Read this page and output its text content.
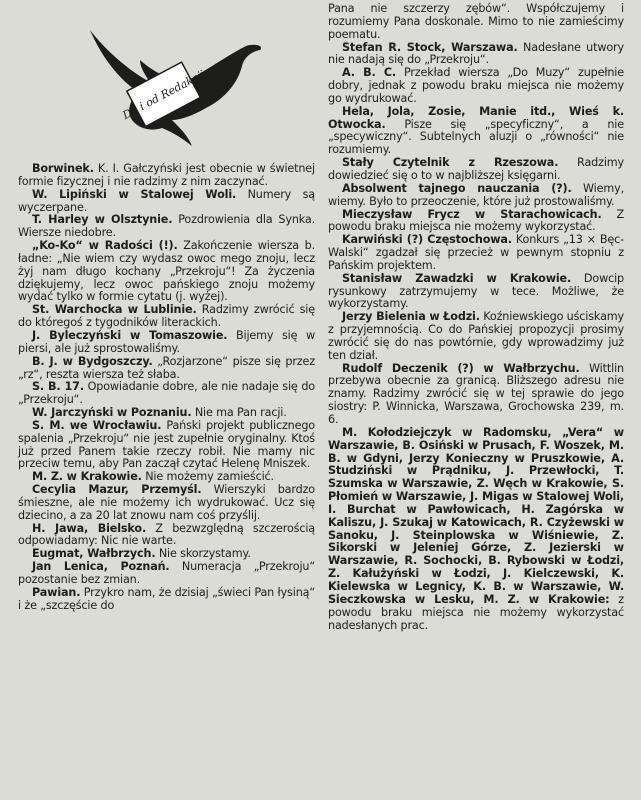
Do i od Redakcji

Borwinek. K. I. Gałczyński jest obecnie w świetnej formie fizycznej i nie radzimy z nim zaczynać.

W. Lipiński w Stalowej Woli. Numery są wyczerpane.

T. Harley w Olsztynie. Pozdrowienia dla Synka. Wiersze niedobre.

„Ko-Ko“ w Radości (!). Zakończenie wiersza b. ładne: „Nie wiem czy wydasz owoc mego znoju, lecz żyj nam długo kochany „Przekroju“! Za życzenia dziękujemy, lecz owoc pańskiego znoju możemy wydać tylko w formie cytatu (j. wyżej).

St. Warchocka w Lublinie. Radzimy zwrócić się do któregoś z tygodników literackich.

J. Byleczyński w Tomaszowie. Bijemy się w piersi, ale już sprostowaliśmy.

B. J. w Bydgoszczy. „Rozjarzone“ pisze się przez „rz“, reszta wiersza też słaba.

S. B. 17. Opowiadanie dobre, ale nie nadaje się do „Przekroju“.

W. Jarczyński w Poznaniu. Nie ma Pan racji.

S. M. we Wrocławiu. Pański projekt publicznego spalenia „Przekroju“ nie jest zupełnie oryginalny. Ktoś już przed Panem takie rzeczy robił. Nie mamy nic przeciw temu, aby Pan zaczął czytać Helenę Mniszek.

M. Z. w Krakowie. Nie możemy zamieścić.

Cecylia Mazur, Przemyśl. Wierszyki bardzo śmieszne, ale nie możemy ich wydrukować. Ucz się dziecino, a za 20 lat znowu nam coś przyślij.

H. Jawa, Bielsko. Z bezwzględną szczerością odpowiadamy: Nic nie warte.

Eugmat, Wałbrzych. Nie skorzystamy.

Jan Lenica, Poznań. Numeracja „Przekroju“ pozostanie bez zmian.

Pawian. Przykro nam, że dzisiaj „świeci Pan łysiną“ i że „szczęście do

Pana nie szczerzy zębów“. Współczujemy i rozumiemy Pana doskonale. Mimo to nie zamieścimy poematu.

Stefan R. Stock, Warszawa. Nadesłane utwory nie nadają się do „Przekroju“.

A. B. C. Przekład wiersza „Do Muzy“ zupełnie dobry, jednak z powodu braku miejsca nie możemy go wydrukować.

Hela, Jola, Zosie, Manie itd., Wieś k. Otwocka. Pisze się „specyficzny“, a nie „specywiczny“. Subtelnych aluzji o „równości“ nie rozumiemy.

Stały Czytelnik z Rzeszowa. Radzimy dowiedzieć się o to w najbliższej księgarni.

Absolwent tajnego nauczania (?). Wiemy, wiemy. Było to przeoczenie, które już prostowaliśmy.

Mieczysław Frycz w Starachowicach. Z powodu braku miejsca nie możemy wykorzystać.

Karwiński (?) Częstochowa. Konkurs „13 × Bęc-Walski“ zgadzał się przecież w pewnym stopniu z Pańskim projektem.

Stanisław Zawadzki w Krakowie. Dowcip rysunkowy zatrzymujemy w tece. Możliwe, że wykorzystamy.

Jerzy Bielenia w Łodzi. Koźniewskiego uściskamy z przyjemnością. Co do Pańskiej propozycji prosimy zwrócić się do nas powtórnie, gdy wprowadzimy już ten dział.

Rudolf Deczenik (?) w Wałbrzychu. Wittlin przebywa obecnie za granicą. Bliższego adresu nie znamy. Radzimy zwrócić się w tej sprawie do jego siostry: P. Winnicka, Warszawa, Grochowska 239, m. 6.

M. Kołodziejczyk w Radomsku, „Vera“ w Warszawie, B. Osiński w Prusach, F. Woszek, M. B. w Gdyni, Jerzy Konieczny w Pruszkowie, A. Studziński w Prądniku, J. Przewłocki, T. Szumska w Warszawie, Z. Węch w Krakowie, S. Płomień w Warszawie, J. Migas w Stalowej Woli, I. Burchat w Pawłowicach, H. Zagórska w Kaliszu, J. Szukaj w Katowicach, R. Czyżewski w Sanoku, J. Steinplowska w Wiśniewie, Z. Sikorski w Jeleniej Górze, Z. Jezierski w Warszawie, R. Sochocki, B. Rybowski w Łodzi, Z. Kałużyński w Łodzi, J. Kielczewski, K. Kielewska w Legnicy, K. B. w Warszawie, W. Sieczkowska w Lesku, M. Z. w Krakowie: z powodu braku miejsca nie możemy wykorzystać nadesłanych prac.
